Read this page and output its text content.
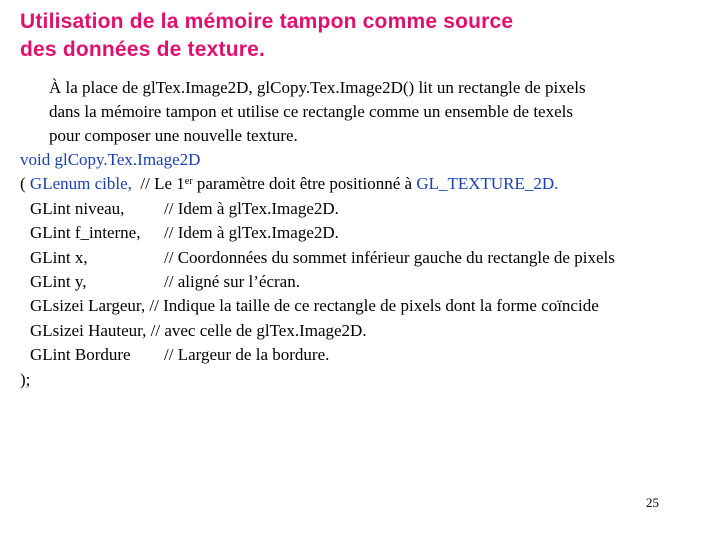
Utilisation de la mémoire tampon comme source
des données de texture.
À la place de glTex.Image2D, glCopy.Tex.Image2D() lit un rectangle de pixels
dans la mémoire tampon et utilise ce rectangle comme un ensemble de texels
pour composer une nouvelle texture.
void glCopy.Tex.Image2D
( GLenum cible, // Le 1er paramètre doit être positionné à GL_TEXTURE_2D.
GLint niveau, // Idem à glTex.Image2D.
GLint f_interne, // Idem à glTex.Image2D.
GLint x,	// Coordonnées du sommet inférieur gauche du rectangle de pixels
GLint y,	// aligné sur l’écran.
GLsizei Largeur, // Indique la taille de ce rectangle de pixels dont la forme coïncide
GLsizei Hauteur, // avec celle de glTex.Image2D.
GLint Bordure // Largeur de la bordure.
);
25
